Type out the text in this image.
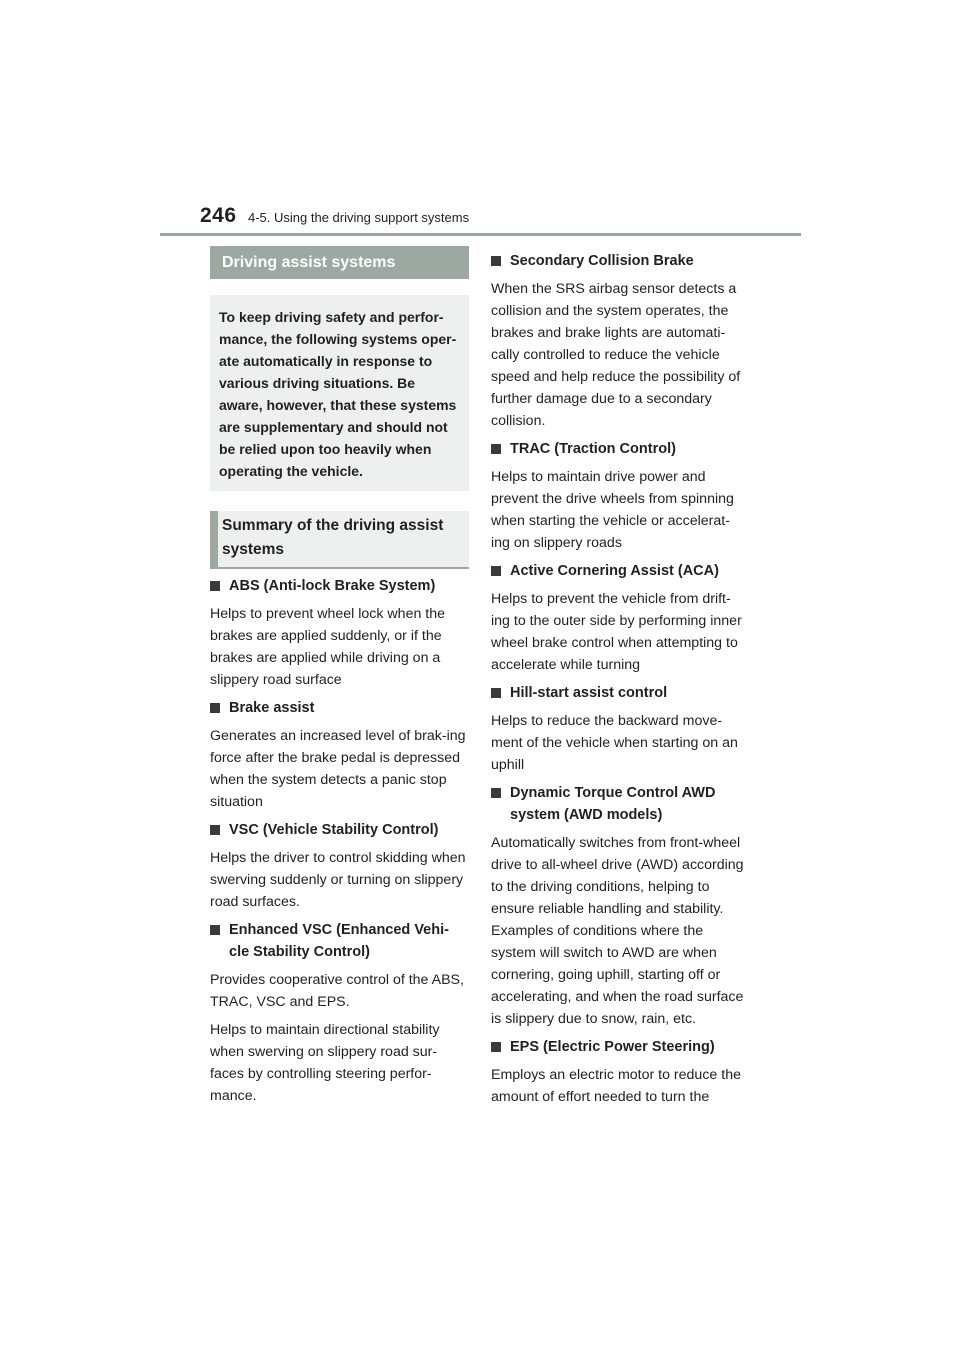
246 4-5. Using the driving support systems
Driving assist systems
To keep driving safety and perfor-mance, the following systems oper-ate automatically in response to various driving situations. Be aware, however, that these systems are supplementary and should not be relied upon too heavily when operating the vehicle.
Summary of the driving assist systems
ABS (Anti-lock Brake System)
Helps to prevent wheel lock when the brakes are applied suddenly, or if the brakes are applied while driving on a slippery road surface
Brake assist
Generates an increased level of brak-ing force after the brake pedal is depressed when the system detects a panic stop situation
VSC (Vehicle Stability Control)
Helps the driver to control skidding when swerving suddenly or turning on slippery road surfaces.
Enhanced VSC (Enhanced Vehi-cle Stability Control)
Provides cooperative control of the ABS, TRAC, VSC and EPS.
Helps to maintain directional stability when swerving on slippery road sur-faces by controlling steering perfor-mance.
Secondary Collision Brake
When the SRS airbag sensor detects a collision and the system operates, the brakes and brake lights are automati-cally controlled to reduce the vehicle speed and help reduce the possibility of further damage due to a secondary collision.
TRAC (Traction Control)
Helps to maintain drive power and prevent the drive wheels from spinning when starting the vehicle or accelerat-ing on slippery roads
Active Cornering Assist (ACA)
Helps to prevent the vehicle from drift-ing to the outer side by performing inner wheel brake control when attempting to accelerate while turning
Hill-start assist control
Helps to reduce the backward move-ment of the vehicle when starting on an uphill
Dynamic Torque Control AWD system (AWD models)
Automatically switches from front-wheel drive to all-wheel drive (AWD) according to the driving conditions, helping to ensure reliable handling and stability. Examples of conditions where the system will switch to AWD are when cornering, going uphill, starting off or accelerating, and when the road surface is slippery due to snow, rain, etc.
EPS (Electric Power Steering)
Employs an electric motor to reduce the amount of effort needed to turn the
